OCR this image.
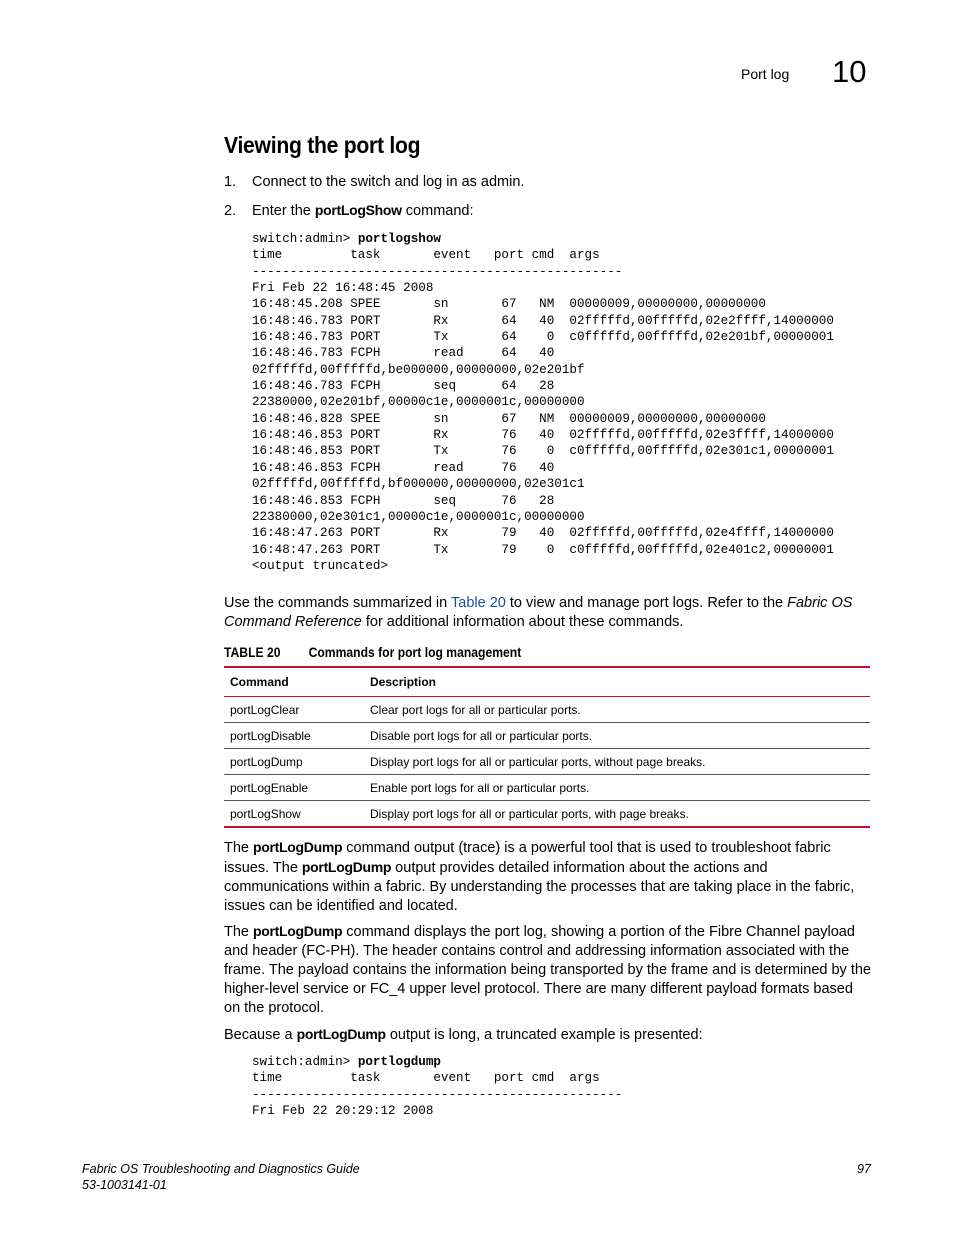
Port log 10
Viewing the port log
1. Connect to the switch and log in as admin.
2. Enter the portLogShow command:
switch:admin> portlogshow
time         task       event   port cmd  args
-------------------------------------------------
Fri Feb 22 16:48:45 2008
16:48:45.208 SPEE       sn       67   NM  00000009,00000000,00000000
16:48:46.783 PORT       Rx       64   40  02fffffd,00fffffd,02e2ffff,14000000
16:48:46.783 PORT       Tx       64    0  c0fffffd,00fffffd,02e201bf,00000001
16:48:46.783 FCPH       read     64   40
02fffffd,00fffffd,be000000,00000000,02e201bf
16:48:46.783 FCPH       seq      64   28
22380000,02e201bf,00000c1e,0000001c,00000000
16:48:46.828 SPEE       sn       67   NM  00000009,00000000,00000000
16:48:46.853 PORT       Rx       76   40  02fffffd,00fffffd,02e3ffff,14000000
16:48:46.853 PORT       Tx       76    0  c0fffffd,00fffffd,02e301c1,00000001
16:48:46.853 FCPH       read     76   40
02fffffd,00fffffd,bf000000,00000000,02e301c1
16:48:46.853 FCPH       seq      76   28
22380000,02e301c1,00000c1e,0000001c,00000000
16:48:47.263 PORT       Rx       79   40  02fffffd,00fffffd,02e4ffff,14000000
16:48:47.263 PORT       Tx       79    0  c0fffffd,00fffffd,02e401c2,00000001
<output truncated>
Use the commands summarized in Table 20 to view and manage port logs. Refer to the Fabric OS Command Reference for additional information about these commands.
TABLE 20 Commands for port log management
Command	Description
portLogClear	Clear port logs for all or particular ports.
portLogDisable	Disable port logs for all or particular ports.
portLogDump	Display port logs for all or particular ports, without page breaks.
portLogEnable	Enable port logs for all or particular ports.
portLogShow	Display port logs for all or particular ports, with page breaks.
The portLogDump command output (trace) is a powerful tool that is used to troubleshoot fabric issues. The portLogDump output provides detailed information about the actions and communications within a fabric. By understanding the processes that are taking place in the fabric, issues can be identified and located.
The portLogDump command displays the port log, showing a portion of the Fibre Channel payload and header (FC-PH). The header contains control and addressing information associated with the frame. The payload contains the information being transported by the frame and is determined by the higher-level service or FC_4 upper level protocol. There are many different payload formats based on the protocol.
Because a portLogDump output is long, a truncated example is presented:
switch:admin> portlogdump
time         task       event   port cmd  args
-------------------------------------------------
Fri Feb 22 20:29:12 2008
Fabric OS Troubleshooting and Diagnostics Guide
53-1003141-01
97
